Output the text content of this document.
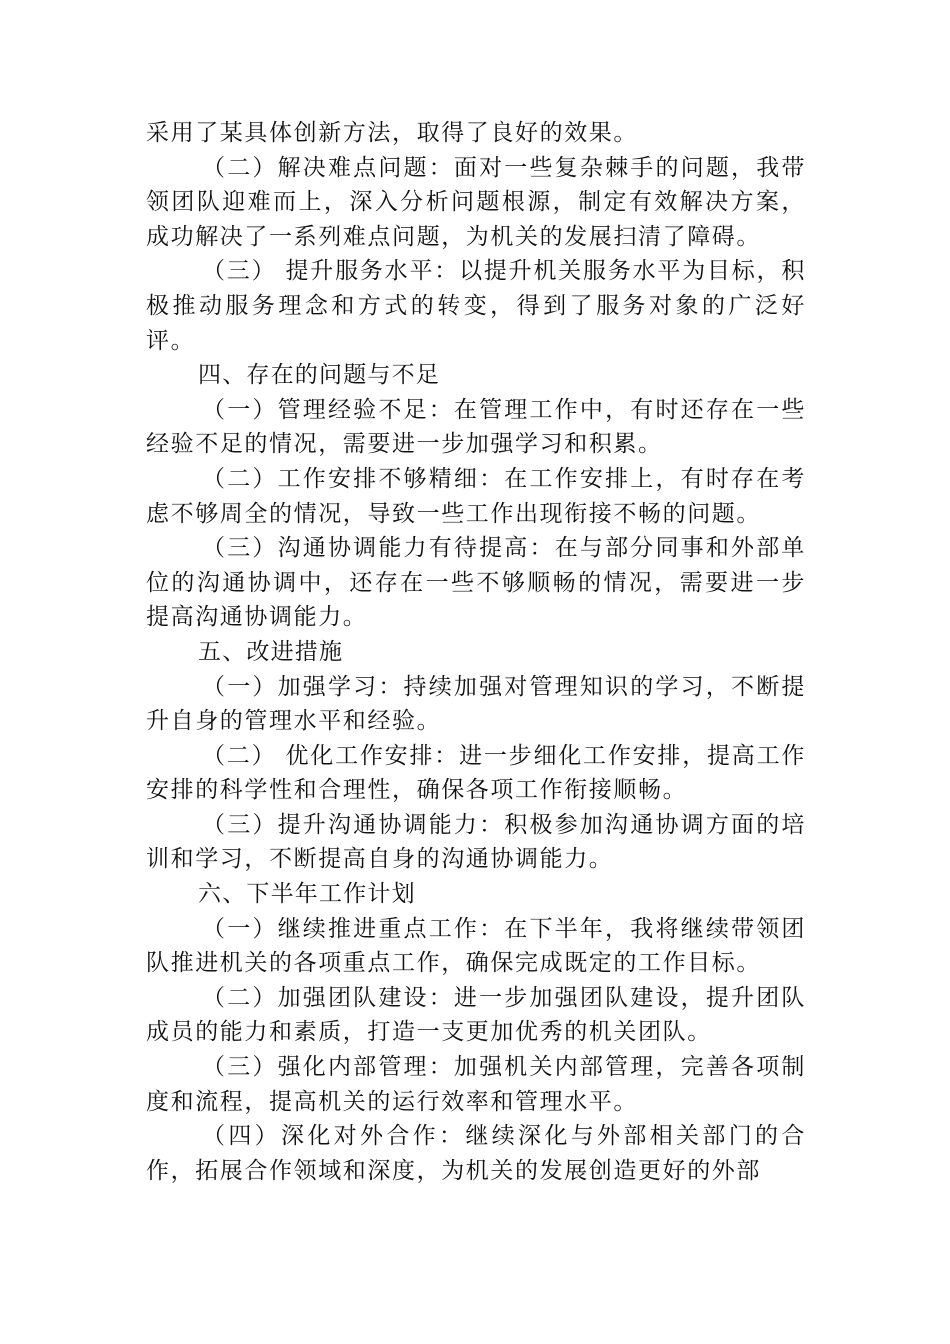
采用了某具体创新方法，取得了良好的效果。

（二）解决难点问题：面对一些复杂棘手的问题，我带领团队迎难而上，深入分析问题根源，制定有效解决方案，成功解决了一系列难点问题，为机关的发展扫清了障碍。

（三） 提升服务水平：以提升机关服务水平为目标，积极推动服务理念和方式的转变，得到了服务对象的广泛好评。

四、存在的问题与不足

（一）管理经验不足：在管理工作中，有时还存在一些经验不足的情况，需要进一步加强学习和积累。

（二）工作安排不够精细：在工作安排上，有时存在考虑不够周全的情况，导致一些工作出现衔接不畅的问题。

（三）沟通协调能力有待提高：在与部分同事和外部单位的沟通协调中，还存在一些不够顺畅的情况，需要进一步提高沟通协调能力。

五、改进措施

（一）加强学习：持续加强对管理知识的学习，不断提升自身的管理水平和经验。

（二） 优化工作安排：进一步细化工作安排，提高工作安排的科学性和合理性，确保各项工作衔接顺畅。

（三）提升沟通协调能力：积极参加沟通协调方面的培训和学习，不断提高自身的沟通协调能力。

六、下半年工作计划

（一）继续推进重点工作：在下半年，我将继续带领团队推进机关的各项重点工作，确保完成既定的工作目标。

（二）加强团队建设：进一步加强团队建设，提升团队成员的能力和素质，打造一支更加优秀的机关团队。

（三）强化内部管理：加强机关内部管理，完善各项制度和流程，提高机关的运行效率和管理水平。

（四）深化对外合作：继续深化与外部相关部门的合作，拓展合作领域和深度，为机关的发展创造更好的外部
